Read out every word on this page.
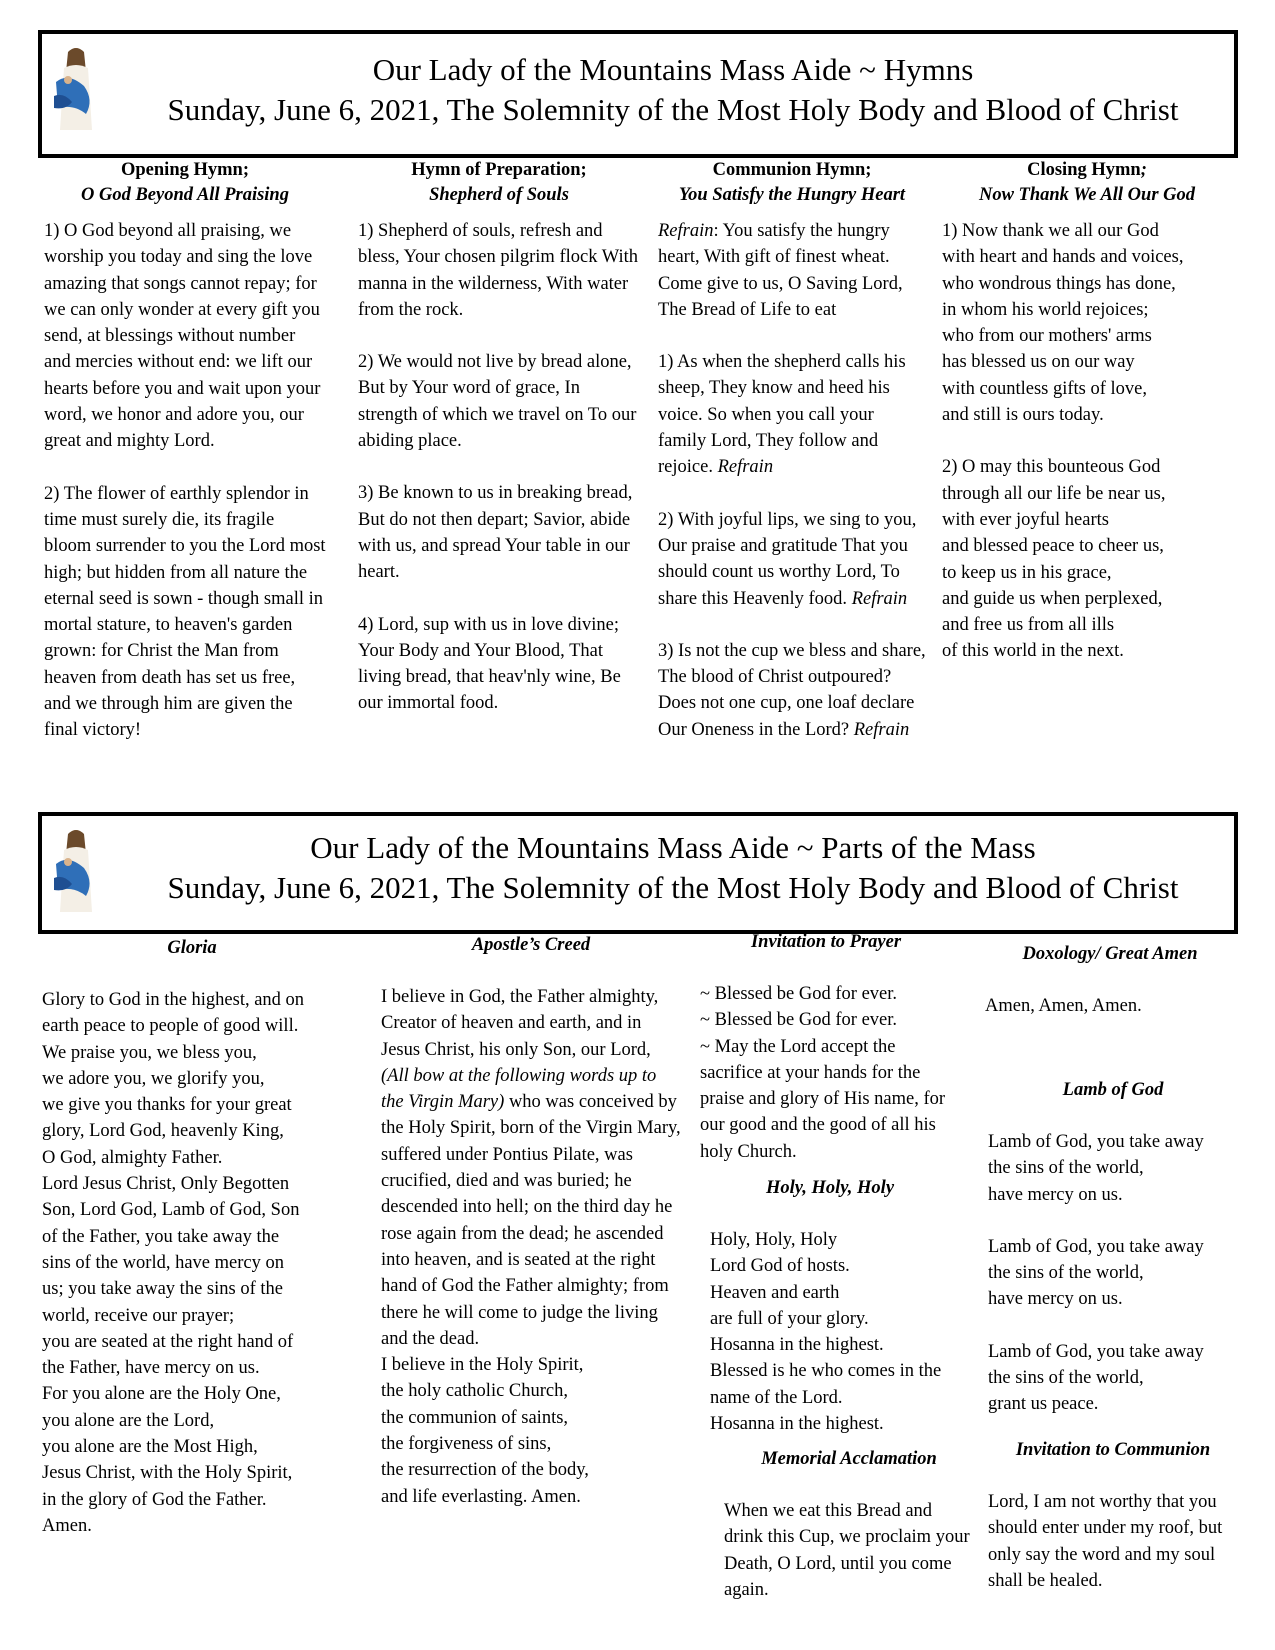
Our Lady of the Mountains Mass Aide ~ Hymns
Sunday, June 6, 2021, The Solemnity of the Most Holy Body and Blood of Christ
Opening Hymn;
O God Beyond All Praising

1) O God beyond all praising, we worship you today and sing the love amazing that songs cannot repay; for we can only wonder at every gift you send, at blessings without number and mercies without end: we lift our hearts before you and wait upon your word, we honor and adore you, our great and mighty Lord.

2) The flower of earthly splendor in time must surely die, its fragile bloom surrender to you the Lord most high; but hidden from all nature the eternal seed is sown - though small in mortal stature, to heaven's garden grown: for Christ the Man from heaven from death has set us free, and we through him are given the final victory!

Hymn of Preparation;
Shepherd of Souls

1) Shepherd of souls, refresh and bless, Your chosen pilgrim flock With manna in the wilderness, With water from the rock.

2) We would not live by bread alone, But by Your word of grace, In strength of which we travel on To our abiding place.

3) Be known to us in breaking bread, But do not then depart; Savior, abide with us, and spread Your table in our heart.

4) Lord, sup with us in love divine; Your Body and Your Blood, That living bread, that heav'nly wine, Be our immortal food.

Communion Hymn;
You Satisfy the Hungry Heart

Refrain: You satisfy the hungry heart, With gift of finest wheat. Come give to us, O Saving Lord, The Bread of Life to eat

1) As when the shepherd calls his sheep, They know and heed his voice. So when you call your family Lord, They follow and rejoice. Refrain

2) With joyful lips, we sing to you, Our praise and gratitude That you should count us worthy Lord, To share this Heavenly food. Refrain

3) Is not the cup we bless and share, The blood of Christ outpoured? Does not one cup, one loaf declare Our Oneness in the Lord? Refrain

Closing Hymn;
Now Thank We All Our God
1) Now thank we all our God
with heart and hands and voices,
who wondrous things has done,
in whom his world rejoices;
who from our mothers' arms
has blessed us on our way
with countless gifts of love,
and still is ours today.
2) O may this bounteous God
through all our life be near us,
with ever joyful hearts
and blessed peace to cheer us,
to keep us in his grace,
and guide us when perplexed,
and free us from all ills
of this world in the next.
Our Lady of the Mountains Mass Aide ~ Parts of the Mass
Sunday, June 6, 2021, The Solemnity of the Most Holy Body and Blood of Christ
Gloria
Glory to God in the highest, and on
earth peace to people of good will.
We praise you, we bless you,
we adore you, we glorify you,
we give you thanks for your great
glory, Lord God, heavenly King,
O God, almighty Father.
Lord Jesus Christ, Only Begotten
Son, Lord God, Lamb of God, Son
of the Father, you take away the
sins of the world, have mercy on
us; you take away the sins of the
world, receive our prayer;
you are seated at the right hand of
the Father, have mercy on us.
For you alone are the Holy One,
you alone are the Lord,
you alone are the Most High,
Jesus Christ, with the Holy Spirit,
in the glory of God the Father.
Amen.
Apostle’s Creed

I believe in God, the Father almighty, Creator of heaven and earth, and in Jesus Christ, his only Son, our Lord, (All bow at the following words up to the Virgin Mary) who was conceived by the Holy Spirit, born of the Virgin Mary, suffered under Pontius Pilate, was crucified, died and was buried; he descended into hell; on the third day he rose again from the dead; he ascended into heaven, and is seated at the right hand of God the Father almighty; from there he will come to judge the living and the dead.

I believe in the Holy Spirit,
the holy catholic Church,
the communion of saints,
the forgiveness of sins,
the resurrection of the body,
and life everlasting. Amen.
Invitation to Prayer
~ Blessed be God for ever.
~ Blessed be God for ever.

~ May the Lord accept the sacrifice at your hands for the praise and glory of His name, for our good and the good of all his holy Church.

Holy, Holy, Holy
Holy, Holy, Holy
Lord God of hosts.
Heaven and earth
are full of your glory.
Hosanna in the highest.
Blessed is he who comes in the
name of the Lord.
Hosanna in the highest.
Memorial Acclamation

When we eat this Bread and drink this Cup, we proclaim your Death, O Lord, until you come again.

Doxology/ Great Amen
Amen, Amen, Amen.
Lamb of God
Lamb of God, you take away
the sins of the world,
have mercy on us.
Lamb of God, you take away
the sins of the world,
have mercy on us.
Lamb of God, you take away
the sins of the world,
grant us peace.
Invitation to Communion

Lord, I am not worthy that you should enter under my roof, but only say the word and my soul shall be healed.
